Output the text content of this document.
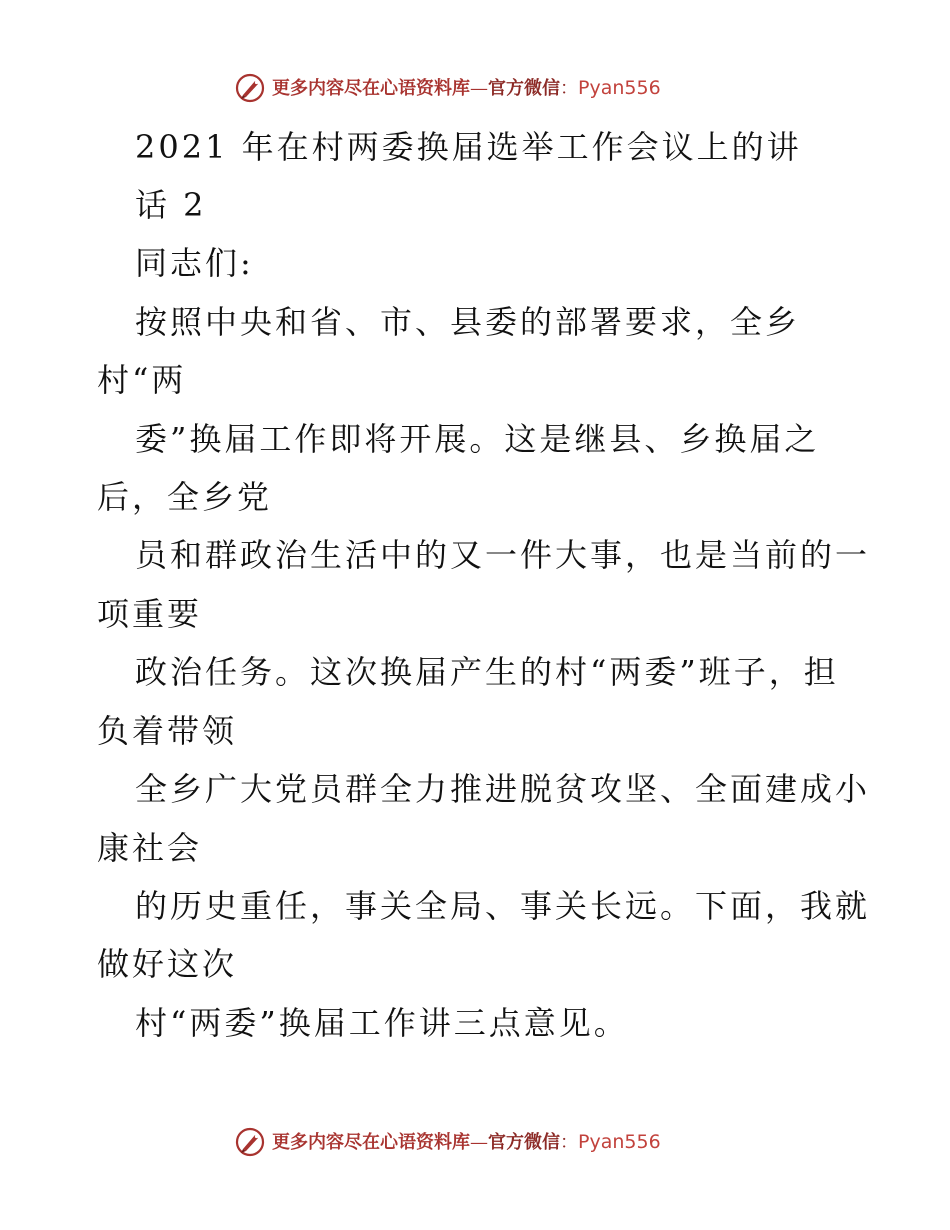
更多内容尽在心语资料库—官方微信：Pyan556
2021 年在村两委换届选举工作会议上的讲
话 2
同志们:
按照中央和省、市、县委的部署要求，全乡
村“两
委”换届工作即将开展。这是继县、乡换届之
后，全乡党
员和群政治生活中的又一件大事，也是当前的一
项重要
政治任务。这次换届产生的村“两委”班子，担
负着带领
全乡广大党员群全力推进脱贫攻坚、全面建成小
康社会
的历史重任，事关全局、事关长远。下面，我就
做好这次
村“两委”换届工作讲三点意见。
更多内容尽在心语资料库—官方微信：Pyan556
